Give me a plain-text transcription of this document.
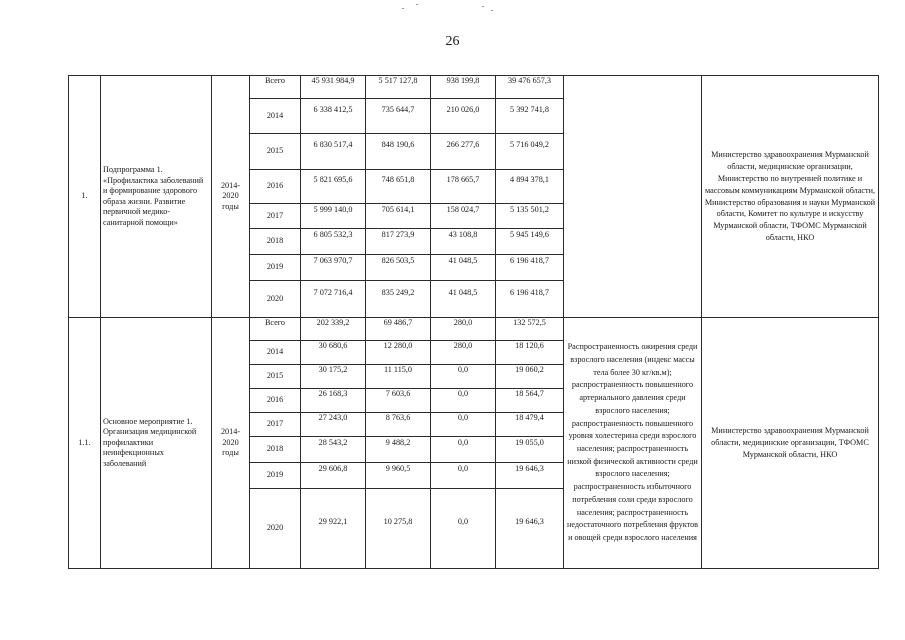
26
1.	Подпрограмма 1. «Профилактика заболеваний и формирование здорового образа жизни. Развитие первичной медико-санитарной помощи»	2014-2020 годы	Всего	45 931 984,9	5 517 127,8	938 199,8	39 476 657,3		Министерство здравоохранения Мурманской области, медицинские организации, Министерство по внутренней политике и массовым коммуникациям Мурманской области, Министерство образования и науки Мурманской области, Комитет по культуре и искусству Мурманской области, ТФОМС Мурманской области, НКО
			2014	6 338 412,5	735 644,7	210 026,0	5 392 741,8		
			2015	6 830 517,4	848 190,6	266 277,6	5 716 049,2		
			2016	5 821 695,6	748 651,8	178 665,7	4 894 378,1		
			2017	5 999 140,0	705 614,1	158 024,7	5 135 501,2		
			2018	6 805 532,3	817 273,9	43 108,8	5 945 149,6		
			2019	7 063 970,7	826 503,5	41 048,5	6 196 418,7		
			2020	7 072 716,4	835 249,2	41 048,5	6 196 418,7		
1.1.	Основное мероприятие 1. Организация медицинской профилактики неинфекционных заболеваний	2014-2020 годы	Всего	202 339,2	69 486,7	280,0	132 572,5	Распространенность ожирения среди взрослого населения (индекс массы тела более 30 кг/кв.м); распространенность повышенного артериального давления среди взрослого населения; распространенность повышенного уровня холестерина среди взрослого населения; распространенность низкой физической активности среди взрослого населения; распространенность избыточного потребления соли среди взрослого населения; распространенность недостаточного потребления фруктов и овощей среди взрослого населения	Министерство здравоохранения Мурманской области, медицинские организации, ТФОМС Мурманской области, НКО
			2014	30 680,6	12 280,0	280,0	18 120,6		
			2015	30 175,2	11 115,0	0,0	19 060,2		
			2016	26 168,3	7 603,6	0,0	18 564,7		
			2017	27 243,0	8 763,6	0,0	18 479,4		
			2018	28 543,2	9 488,2	0,0	19 055,0		
			2019	29 606,8	9 960,5	0,0	19 646,3		
			2020	29 922,1	10 275,8	0,0	19 646,3		
